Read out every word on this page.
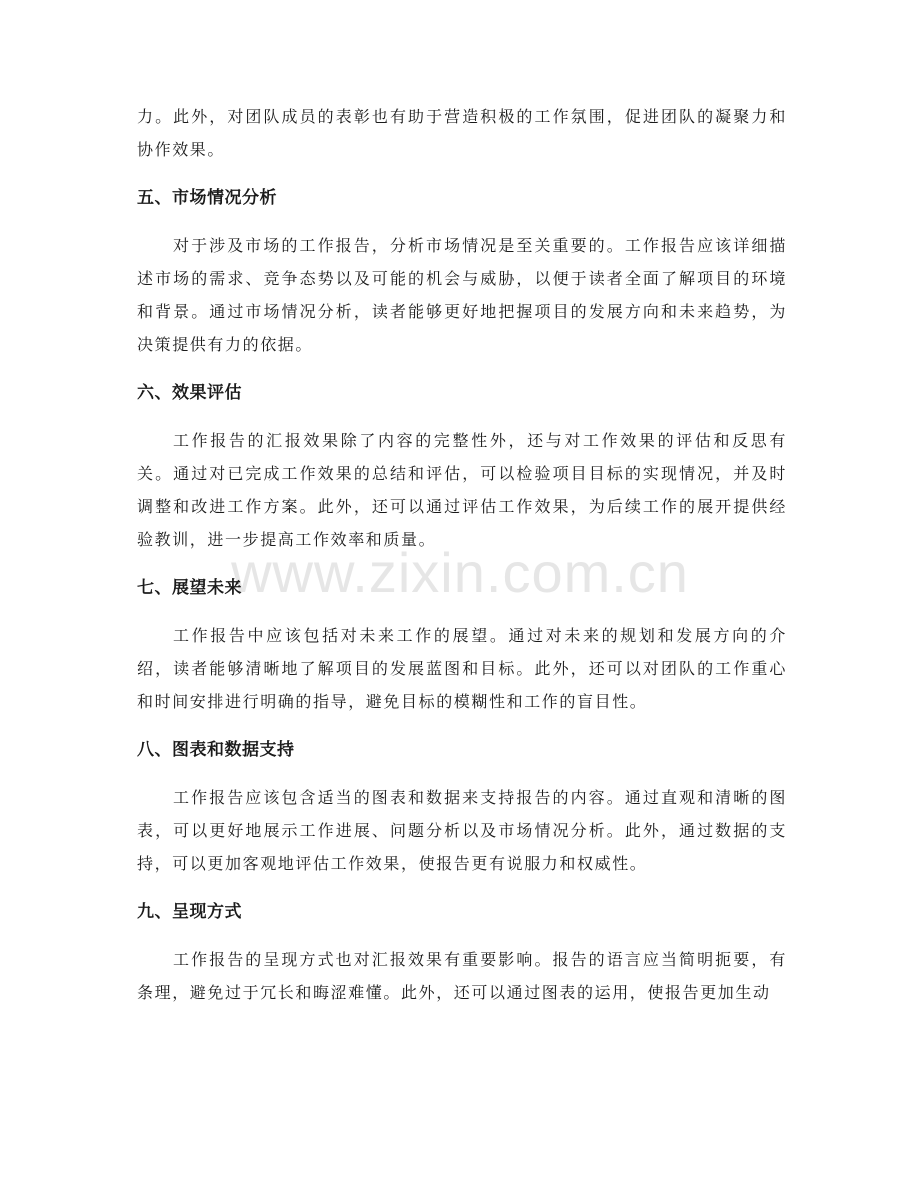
www.zixin.com.cn

力。此外，对团队成员的表彰也有助于营造积极的工作氛围，促进团队的凝聚力和协作效果。

五、市场情况分析

对于涉及市场的工作报告，分析市场情况是至关重要的。工作报告应该详细描述市场的需求、竞争态势以及可能的机会与威胁，以便于读者全面了解项目的环境和背景。通过市场情况分析，读者能够更好地把握项目的发展方向和未来趋势，为决策提供有力的依据。

六、效果评估

工作报告的汇报效果除了内容的完整性外，还与对工作效果的评估和反思有关。通过对已完成工作效果的总结和评估，可以检验项目目标的实现情况，并及时调整和改进工作方案。此外，还可以通过评估工作效果，为后续工作的展开提供经验教训，进一步提高工作效率和质量。

七、展望未来

工作报告中应该包括对未来工作的展望。通过对未来的规划和发展方向的介绍，读者能够清晰地了解项目的发展蓝图和目标。此外，还可以对团队的工作重心和时间安排进行明确的指导，避免目标的模糊性和工作的盲目性。

八、图表和数据支持

工作报告应该包含适当的图表和数据来支持报告的内容。通过直观和清晰的图表，可以更好地展示工作进展、问题分析以及市场情况分析。此外，通过数据的支持，可以更加客观地评估工作效果，使报告更有说服力和权威性。

九、呈现方式

工作报告的呈现方式也对汇报效果有重要影响。报告的语言应当简明扼要，有条理，避免过于冗长和晦涩难懂。此外，还可以通过图表的运用，使报告更加生动
